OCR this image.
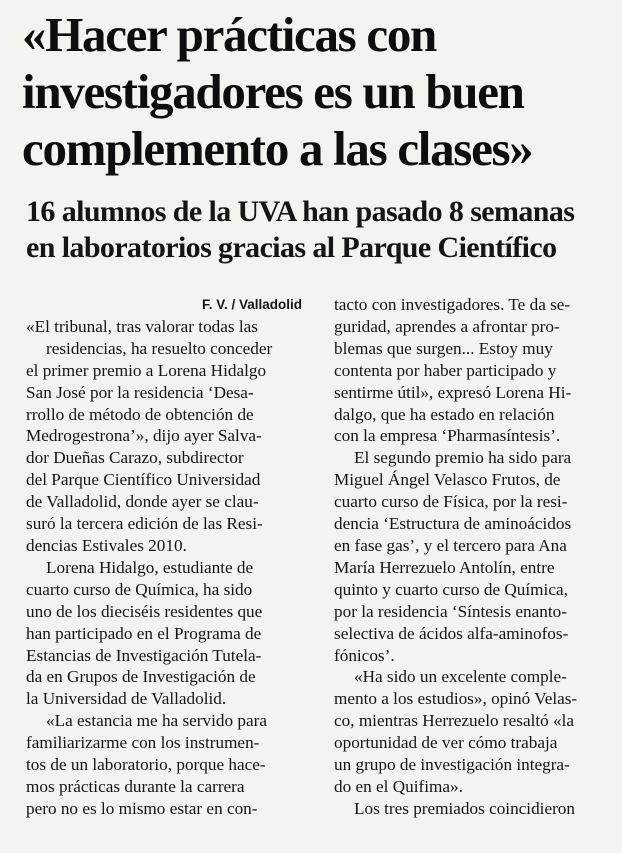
«Hacer prácticas con
investigadores es un buen
complemento a las clases»
16 alumnos de la UVA han pasado 8 semanas
en laboratorios gracias al Parque Científico
F. V. / Valladolid
«El tribunal, tras valorar todas las
residencias, ha resuelto conceder
el primer premio a Lorena Hidalgo
San José por la residencia ‘Desa-
rrollo de método de obtención de
Medrogestrona’», dijo ayer Salva-
dor Dueñas Carazo, subdirector
del Parque Científico Universidad
de Valladolid, donde ayer se clau-
suró la tercera edición de las Resi-
dencias Estivales 2010.
Lorena Hidalgo, estudiante de
cuarto curso de Química, ha sido
uno de los dieciséis residentes que
han participado en el Programa de
Estancias de Investigación Tutela-
da en Grupos de Investigación de
la Universidad de Valladolid.
«La estancia me ha servido para
familiarizarme con los instrumen-
tos de un laboratorio, porque hace-
mos prácticas durante la carrera
pero no es lo mismo estar en con-
tacto con investigadores. Te da se-
guridad, aprendes a afrontar pro-
blemas que surgen... Estoy muy
contenta por haber participado y
sentirme útil», expresó Lorena Hi-
dalgo, que ha estado en relación
con la empresa ‘Pharmasíntesis’.
El segundo premio ha sido para
Miguel Ángel Velasco Frutos, de
cuarto curso de Física, por la resi-
dencia ‘Estructura de aminoácidos
en fase gas’, y el tercero para Ana
María Herrezuelo Antolín, entre
quinto y cuarto curso de Química,
por la residencia ‘Síntesis enanto-
selectiva de ácidos alfa-aminofos-
fónicos’.
«Ha sido un excelente comple-
mento a los estudios», opinó Velas-
co, mientras Herrezuelo resaltó «la
oportunidad de ver cómo trabaja
un grupo de investigación integra-
do en el Quifima».
Los tres premiados coincidieron
